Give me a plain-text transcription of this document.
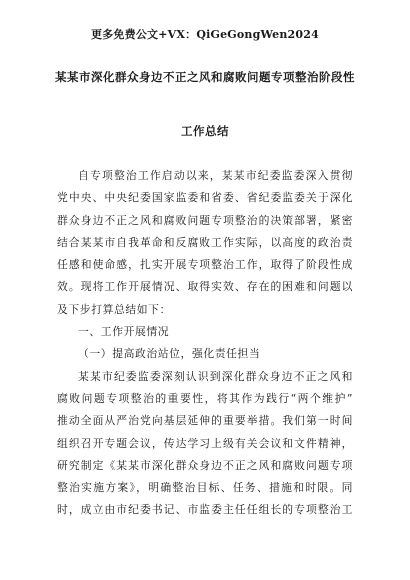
更多免费公文+VX：QiGeGongWen2024
某某市深化群众身边不正之风和腐败问题专项整治阶段性
工作总结
自专项整治工作启动以来，某某市纪委监委深入贯彻
党中央、中央纪委国家监委和省委、省纪委监委关于深化
群众身边不正之风和腐败问题专项整治的决策部署，紧密
结合某某市自我革命和反腐败工作实际，以高度的政治责
任感和使命感，扎实开展专项整治工作，取得了阶段性成
效。现将工作开展情况、取得实效、存在的困难和问题以
及下步打算总结如下：
一、工作开展情况
（一）提高政治站位，强化责任担当
某某市纪委监委深刻认识到深化群众身边不正之风和
腐败问题专项整治的重要性，将其作为践行“两个维护”
推动全面从严治党向基层延伸的重要举措。我们第一时间
组织召开专题会议，传达学习上级有关会议和文件精神，
研究制定《某某市深化群众身边不正之风和腐败问题专项
整治实施方案》，明确整治目标、任务、措施和时限。同
时，成立由市纪委书记、市监委主任任组长的专项整治工
